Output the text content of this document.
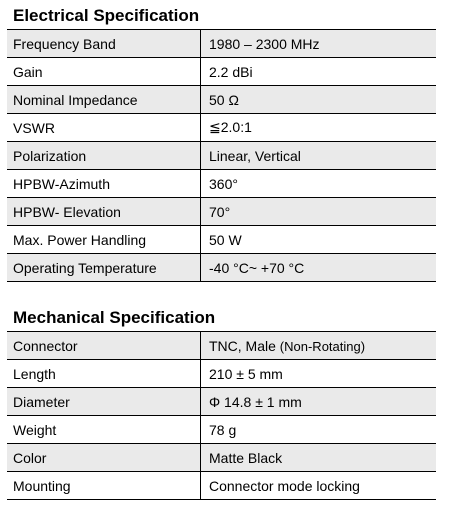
Electrical Specification
Frequency Band	1980 – 2300 MHz
Gain	2.2 dBi
Nominal Impedance	50 Ω
VSWR	≦2.0:1
Polarization	Linear, Vertical
HPBW-Azimuth	360°
HPBW- Elevation	70°
Max. Power Handling	50 W
Operating Temperature	-40 °C~ +70 °C
Mechanical Specification
Connector	TNC, Male (Non-Rotating)
Length	210 ± 5 mm
Diameter	Φ 14.8 ± 1 mm
Weight	78 g
Color	Matte Black
Mounting	Connector mode locking
